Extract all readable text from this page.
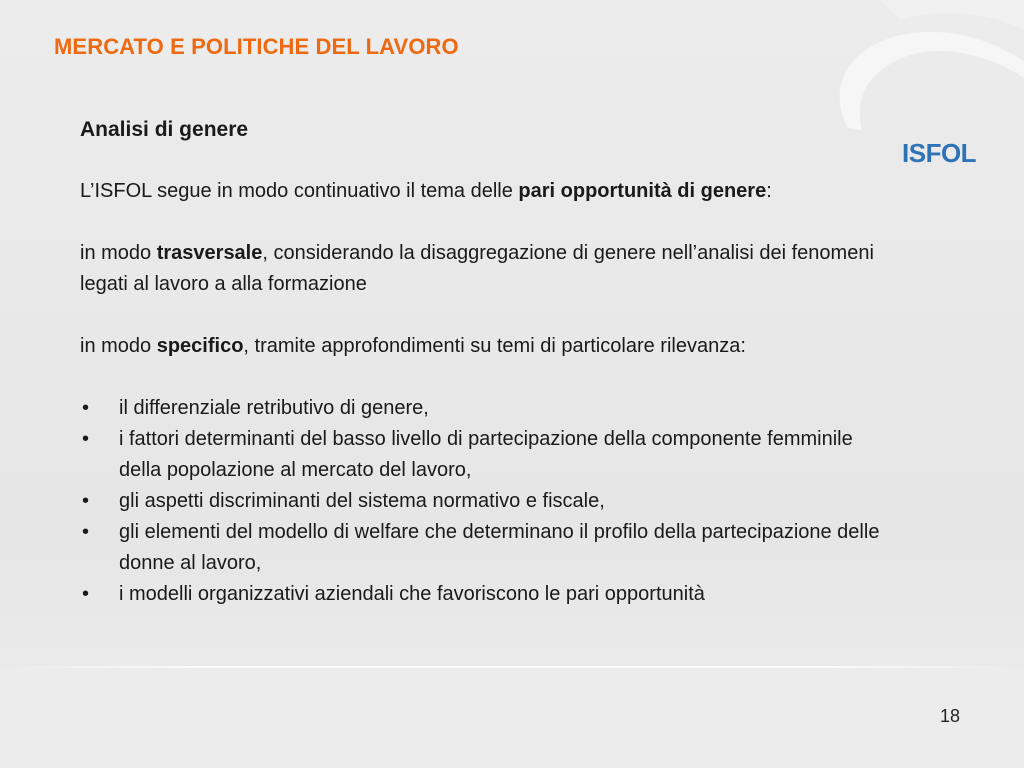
ISFOL
MERCATO E POLITICHE DEL LAVORO
Analisi di genere
L’ISFOL segue in modo continuativo il tema delle pari opportunità di genere:
in modo trasversale, considerando la disaggregazione di genere nell’analisi dei fenomeni legati al lavoro a alla formazione
in modo specifico, tramite approfondimenti su temi di particolare rilevanza:
• il differenziale retributivo di genere,
• i fattori determinanti del basso livello di partecipazione della componente femminile della popolazione al mercato del lavoro,
• gli aspetti discriminanti del sistema normativo e fiscale,
• gli elementi del modello di welfare che determinano il profilo della partecipazione delle donne al lavoro,
• i modelli organizzativi aziendali che favoriscono le pari opportunità
18
